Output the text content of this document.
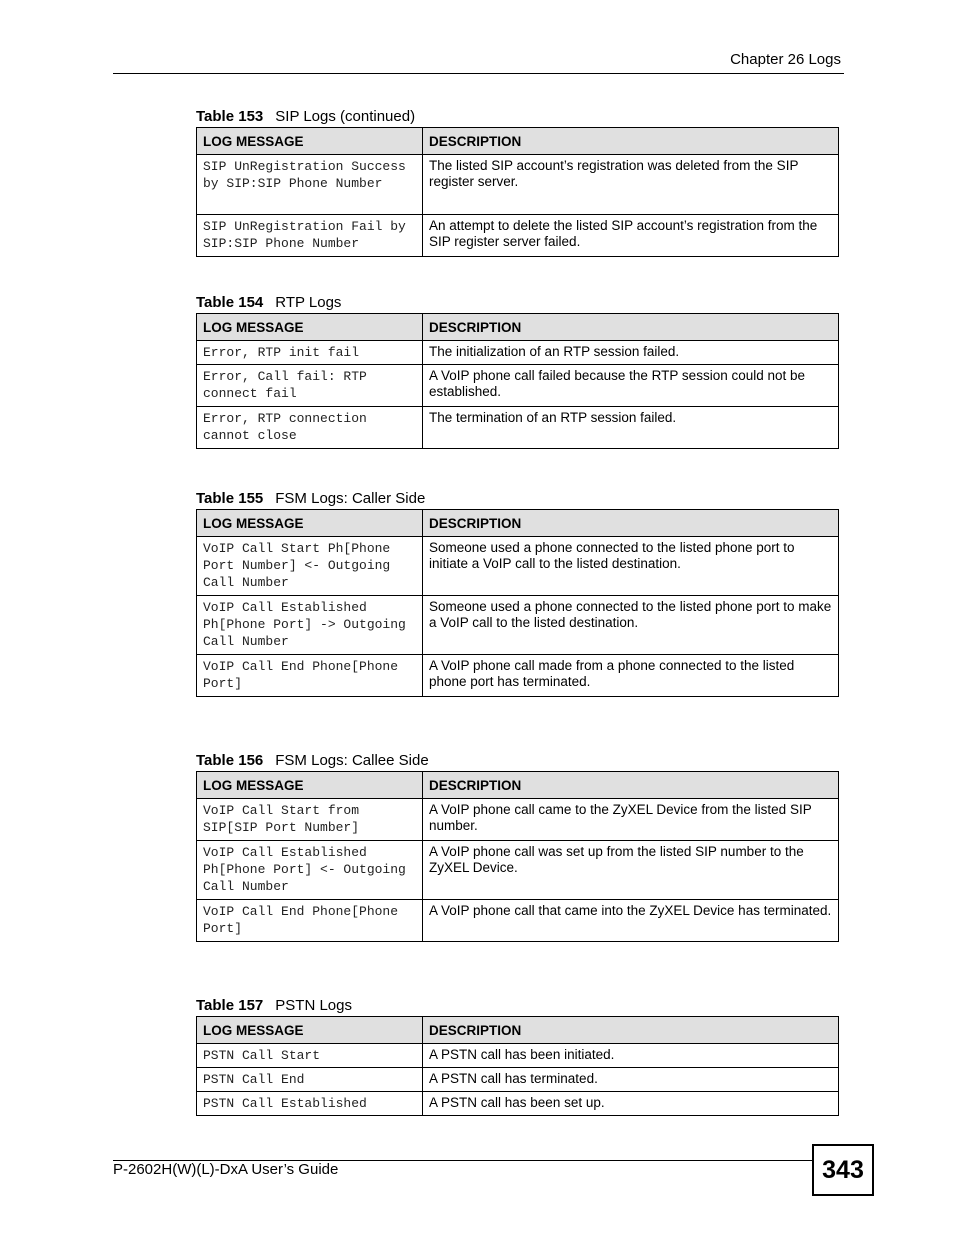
Chapter 26 Logs
Table 153 SIP Logs (continued)
LOG MESSAGE	DESCRIPTION
SIP UnRegistration Success by SIP:SIP Phone Number	The listed SIP account’s registration was deleted from the SIP register server.
SIP UnRegistration Fail by SIP:SIP Phone Number	An attempt to delete the listed SIP account’s registration from the SIP register server failed.
Table 154 RTP Logs
LOG MESSAGE	DESCRIPTION
Error, RTP init fail	The initialization of an RTP session failed.
Error, Call fail: RTP connect fail	A VoIP phone call failed because the RTP session could not be established.
Error, RTP connection cannot close	The termination of an RTP session failed.
Table 155 FSM Logs: Caller Side
LOG MESSAGE	DESCRIPTION
VoIP Call Start Ph[Phone Port Number] <- Outgoing Call Number	Someone used a phone connected to the listed phone port to initiate a VoIP call to the listed destination.
VoIP Call Established Ph[Phone Port] -> Outgoing Call Number	Someone used a phone connected to the listed phone port to make a VoIP call to the listed destination.
VoIP Call End Phone[Phone Port]	A VoIP phone call made from a phone connected to the listed phone port has terminated.
Table 156 FSM Logs: Callee Side
LOG MESSAGE	DESCRIPTION
VoIP Call Start from SIP[SIP Port Number]	A VoIP phone call came to the ZyXEL Device from the listed SIP number.
VoIP Call Established Ph[Phone Port] <- Outgoing Call Number	A VoIP phone call was set up from the listed SIP number to the ZyXEL Device.
VoIP Call End Phone[Phone Port]	A VoIP phone call that came into the ZyXEL Device has terminated.
Table 157 PSTN Logs
LOG MESSAGE	DESCRIPTION
PSTN Call Start	A PSTN call has been initiated.
PSTN Call End	A PSTN call has terminated.
PSTN Call Established	A PSTN call has been set up.
P-2602H(W)(L)-DxA User’s Guide	343
